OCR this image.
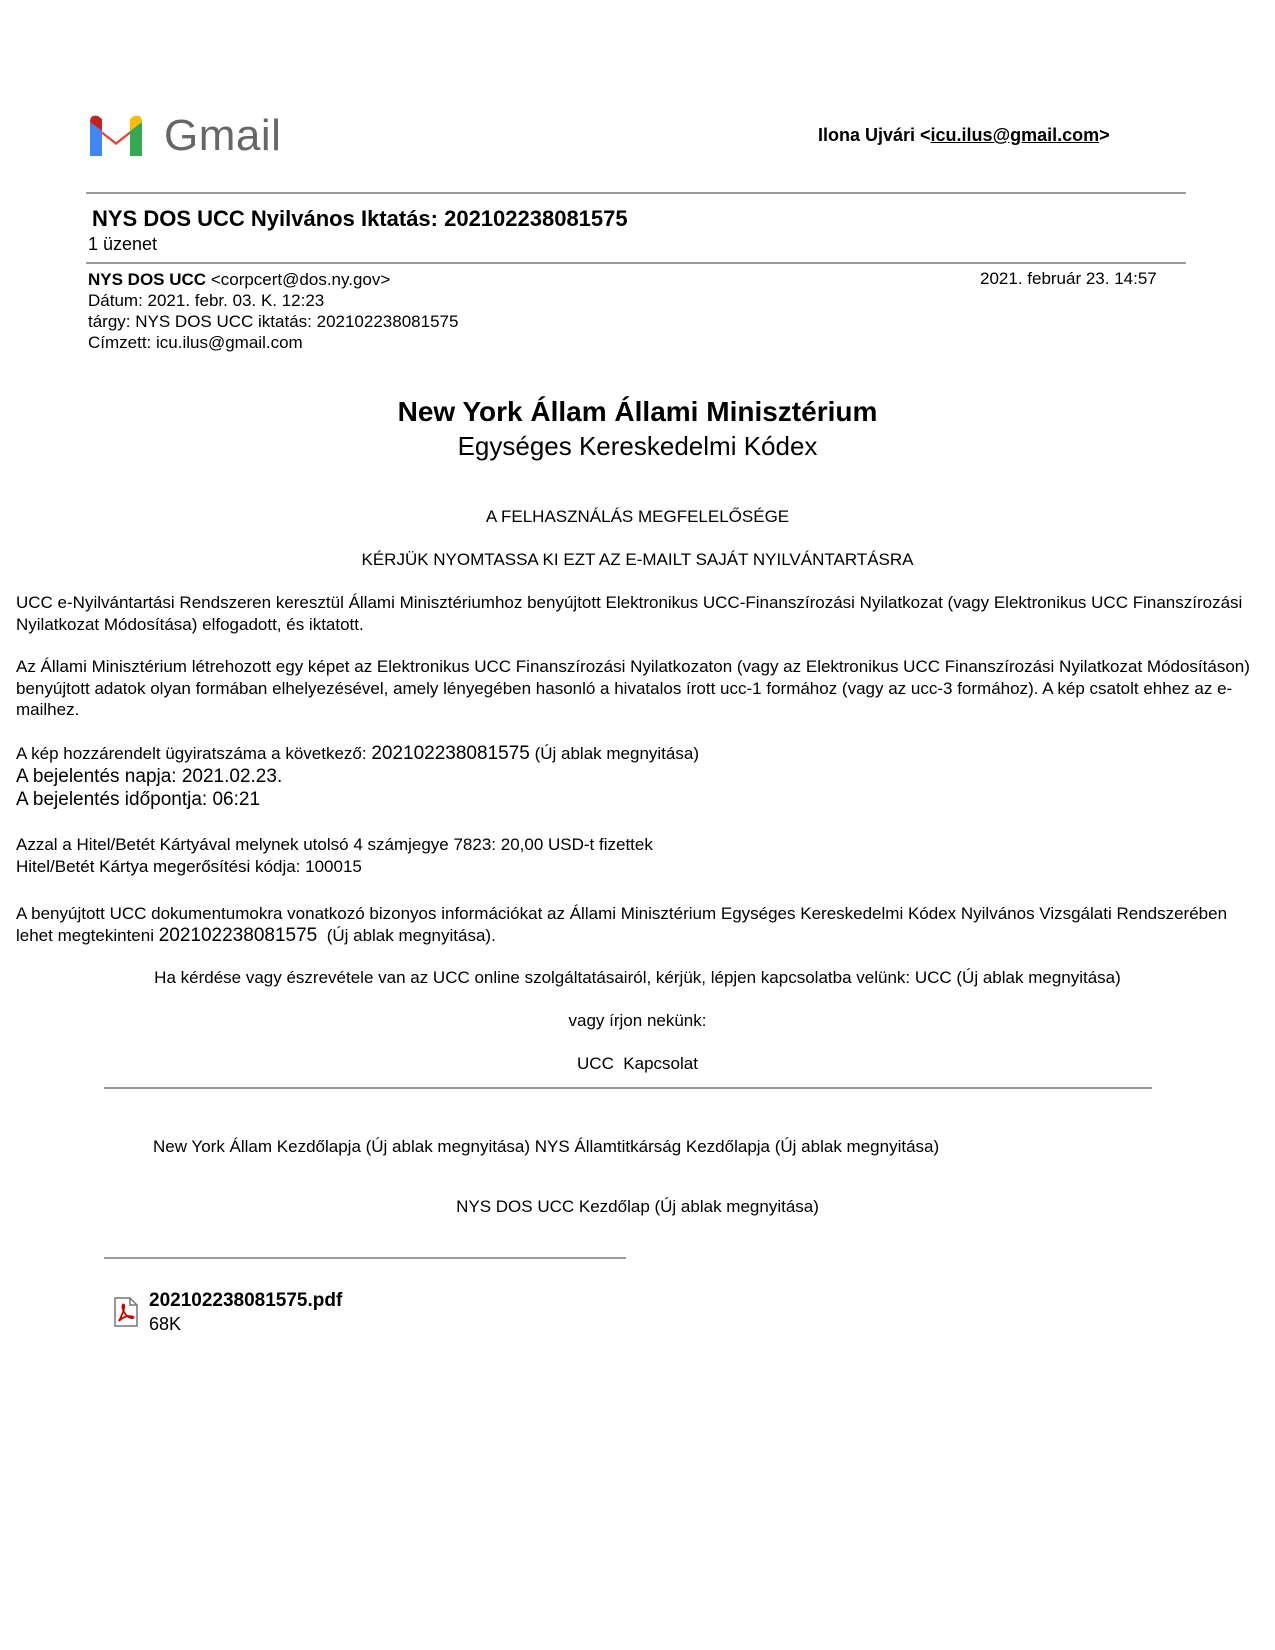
Gmail	Ilona Ujvári <icu.ilus@gmail.com>
NYS DOS UCC Nyilvános Iktatás: 202102238081575
1 üzenet
NYS DOS UCC <corpcert@dos.ny.gov>	2021. február 23. 14:57
Dátum: 2021. febr. 03. K. 12:23
tárgy: NYS DOS UCC iktatás: 202102238081575
Címzett: icu.ilus@gmail.com
New York Állam Állami Minisztérium
Egységes Kereskedelmi Kódex
A FELHASZNÁLÁS MEGFELELŐSÉGE
KÉRJÜK NYOMTASSA KI EZT AZ E-MAILT SAJÁT NYILVÁNTARTÁSRA
UCC e-Nyilvántartási Rendszeren keresztül Állami Minisztériumhoz benyújtott Elektronikus UCC-Finanszírozási Nyilatkozat (vagy Elektronikus UCC Finanszírozási Nyilatkozat Módosítása) elfogadott, és iktatott.
Az Állami Minisztérium létrehozott egy képet az Elektronikus UCC Finanszírozási Nyilatkozaton (vagy az Elektronikus UCC Finanszírozási Nyilatkozat Módosításon) benyújtott adatok olyan formában elhelyezésével, amely lényegében hasonló a hivatalos írott ucc-1 formához (vagy az ucc-3 formához). A kép csatolt ehhez az e-mailhez.
A kép hozzárendelt ügyiratszáma a következő: 202102238081575 (Új ablak megnyitása)
A bejelentés napja: 2021.02.23.
A bejelentés időpontja: 06:21
Azzal a Hitel/Betét Kártyával melynek utolsó 4 számjegye 7823: 20,00 USD-t fizettek
Hitel/Betét Kártya megerősítési kódja: 100015
A benyújtott UCC dokumentumokra vonatkozó bizonyos információkat az Állami Minisztérium Egységes Kereskedelmi Kódex Nyilvános Vizsgálati Rendszerében lehet megtekinteni 202102238081575 (Új ablak megnyitása).
Ha kérdése vagy észrevétele van az UCC online szolgáltatásairól, kérjük, lépjen kapcsolatba velünk: UCC (Új ablak megnyitása)
vagy írjon nekünk:
UCC  Kapcsolat
New York Állam Kezdőlapja (Új ablak megnyitása) NYS Államtitkárság Kezdőlapja (Új ablak megnyitása)
NYS DOS UCC Kezdőlap (Új ablak megnyitása)
202102238081575.pdf
68K
